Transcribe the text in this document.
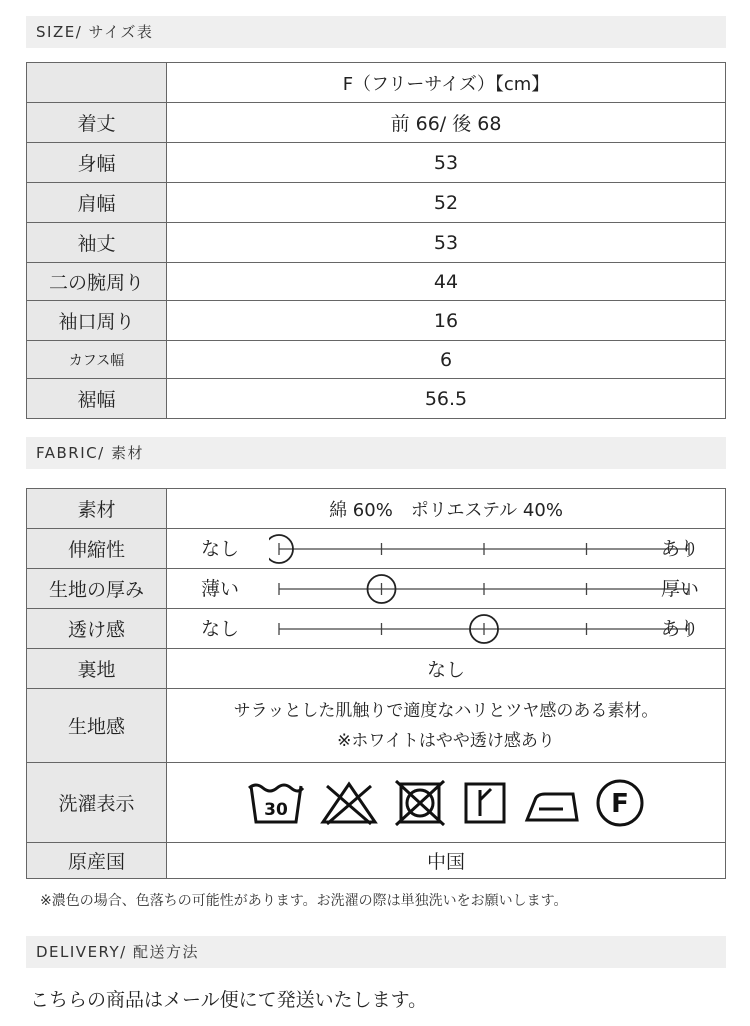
SIZE/ サイズ表
	F（フリーサイズ）【cm】
着丈	前 66/ 後 68
身幅	53
肩幅	52
袖丈	53
二の腕周り	44
袖口周り	16
カフス幅	6
裾幅	56.5
FABRIC/ 素材
素材	綿 60%　ポリエステル 40%
伸縮性	なし あり

生地の厚み	薄い 厚い

透け感	なし あり

裏地	なし
生地感	サラッとした肌触りで適度なハリとツヤ感のある素材。
※ホワイトはやや透け感あり

洗濯表示	30 F

原産国	中国
※濃色の場合、色落ちの可能性があります。お洗濯の際は単独洗いをお願いします。
DELIVERY/ 配送方法
こちらの商品はメール便にて発送いたします。
